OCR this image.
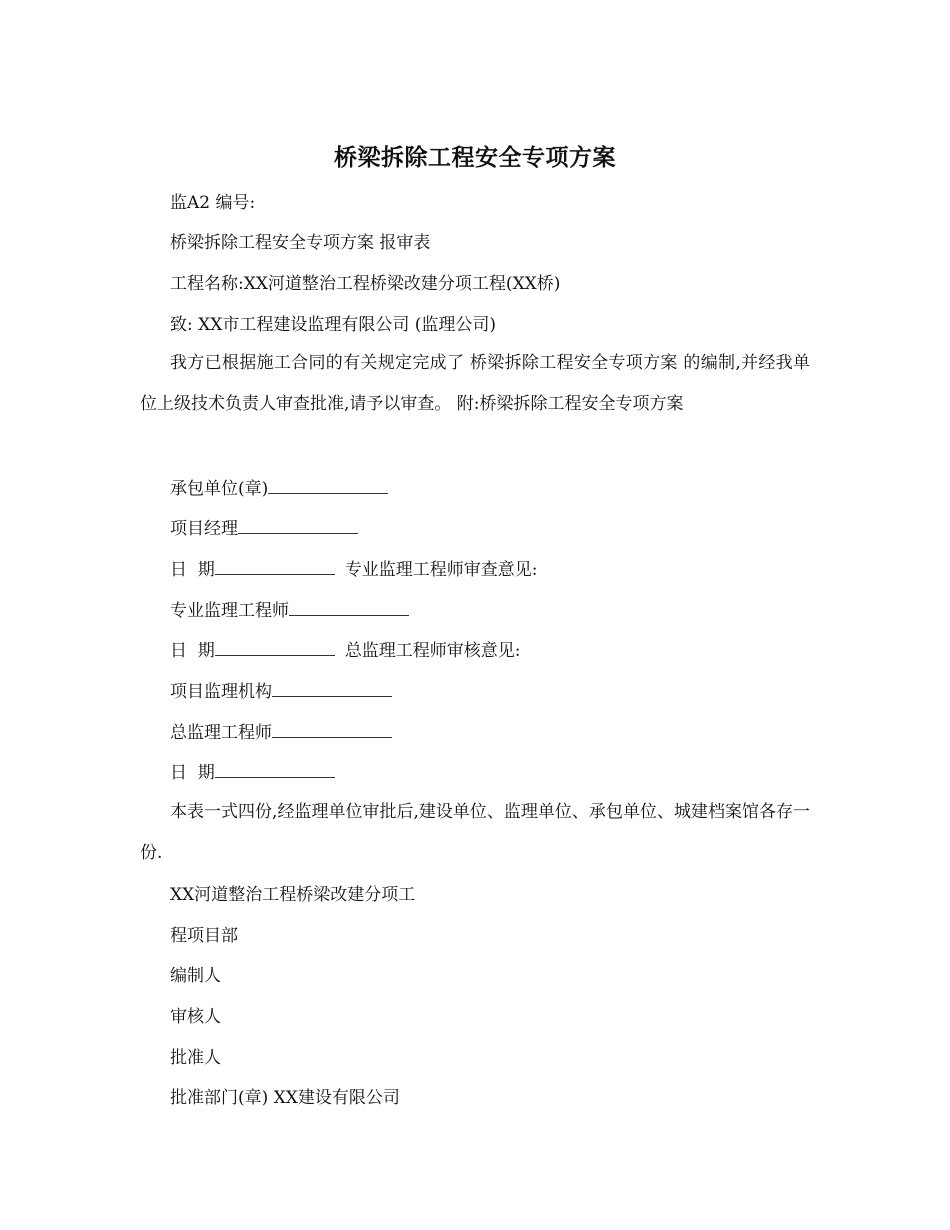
桥梁拆除工程安全专项方案
监A2 编号:
桥梁拆除工程安全专项方案 报审表
工程名称:XX河道整治工程桥梁改建分项工程(XX桥)
致: XX市工程建设监理有限公司 (监理公司)
我方已根据施工合同的有关规定完成了 桥梁拆除工程安全专项方案 的编制,并经我单位上级技术负责人审查批准,请予以审查。 附:桥梁拆除工程安全专项方案
承包单位(章)
项目经理
日  期	专业监理工程师审查意见:
专业监理工程师
日  期	总监理工程师审核意见:
项目监理机构
总监理工程师
日  期
本表一式四份,经监理单位审批后,建设单位、监理单位、承包单位、城建档案馆各存一份.
XX河道整治工程桥梁改建分项工
程项目部
编制人
审核人
批准人
批准部门(章) XX建设有限公司
